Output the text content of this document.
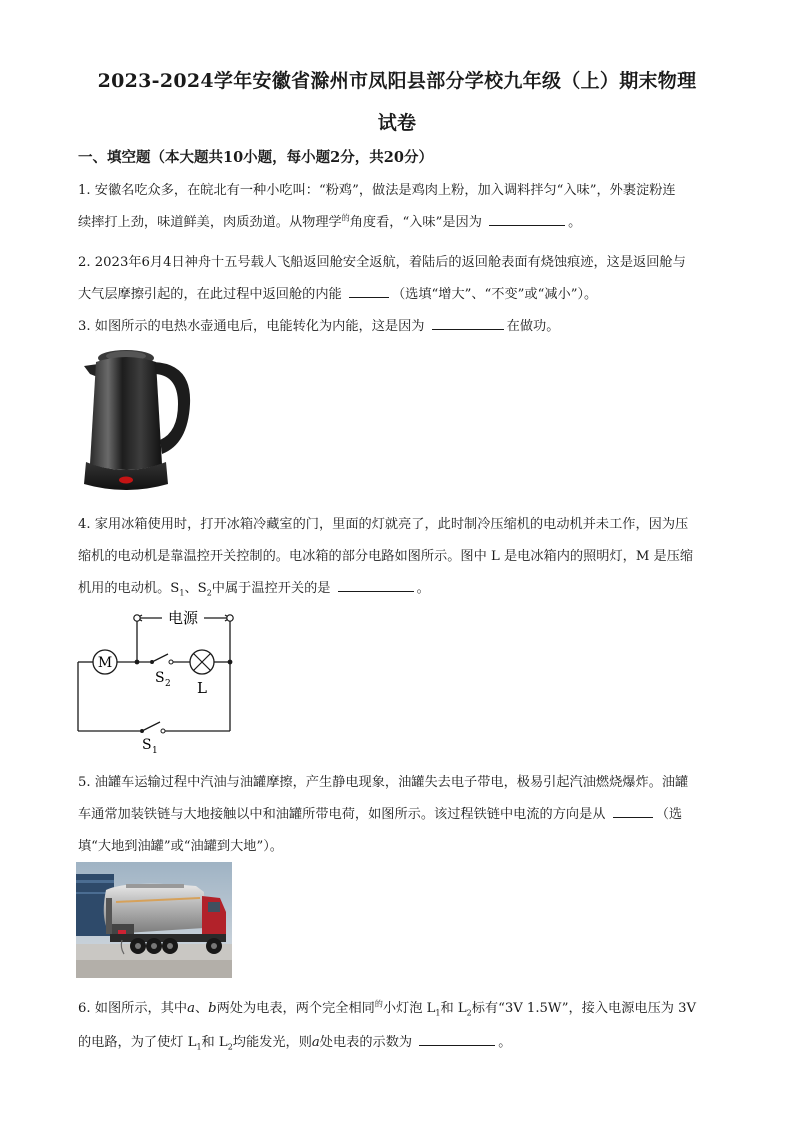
2023-2024学年安徽省滁州市凤阳县部分学校九年级（上）期末物理
试卷
一、填空题（本大题共10小题，每小题2分，共20分）
1. 安徽名吃众多，在皖北有一种小吃叫：“粉鸡”，做法是鸡肉上粉，加入调料拌匀“入味”，外裹淀粉连
续摔打上劲，味道鲜美，肉质劲道。从物理学$^的$角度看，“入味”是因为	。
2. 2023年6月4日神舟十五号载人飞船返回舱安全返航，着陆后的返回舱表面有烧蚀痕迹，这是返回舱与
大气层摩擦引起的，在此过程中返回舱的内能	（选填“增大”、“不变”或“减小”）。
3. 如图所示的电热水壶通电后，电能转化为内能，这是因为	在做功。
4. 家用冰箱使用时，打开冰箱冷藏室的门，里面的灯就亮了，此时制冷压缩机的电动机并未工作，因为压
缩机的电动机是靠温控开关控制的。电冰箱的部分电路如图所示。图中 L 是电冰箱内的照明灯，M 是压缩
机用的电动机。$S_1$、$S_2$中属于温控开关的是	。
M
电源
L
S 2
S 1
5. 油罐车运输过程中汽油与油罐摩擦，产生静电现象，油罐失去电子带电，极易引起汽油燃烧爆炸。油罐
车通常加装铁链与大地接触以中和油罐所带电荷，如图所示。该过程铁链中电流的方向是从	（选
填“大地到油罐”或“油罐到大地”）。
6. 如图所示，其中a、b两处为电表，两个完全相同$^的$小灯泡 $L_1$和 $L_2$标有“3V 1.5W”，接入电源电压为 3V
的电路，为了使灯 $L_1$和 $L_2$均能发光，则a处电表的示数为	。
